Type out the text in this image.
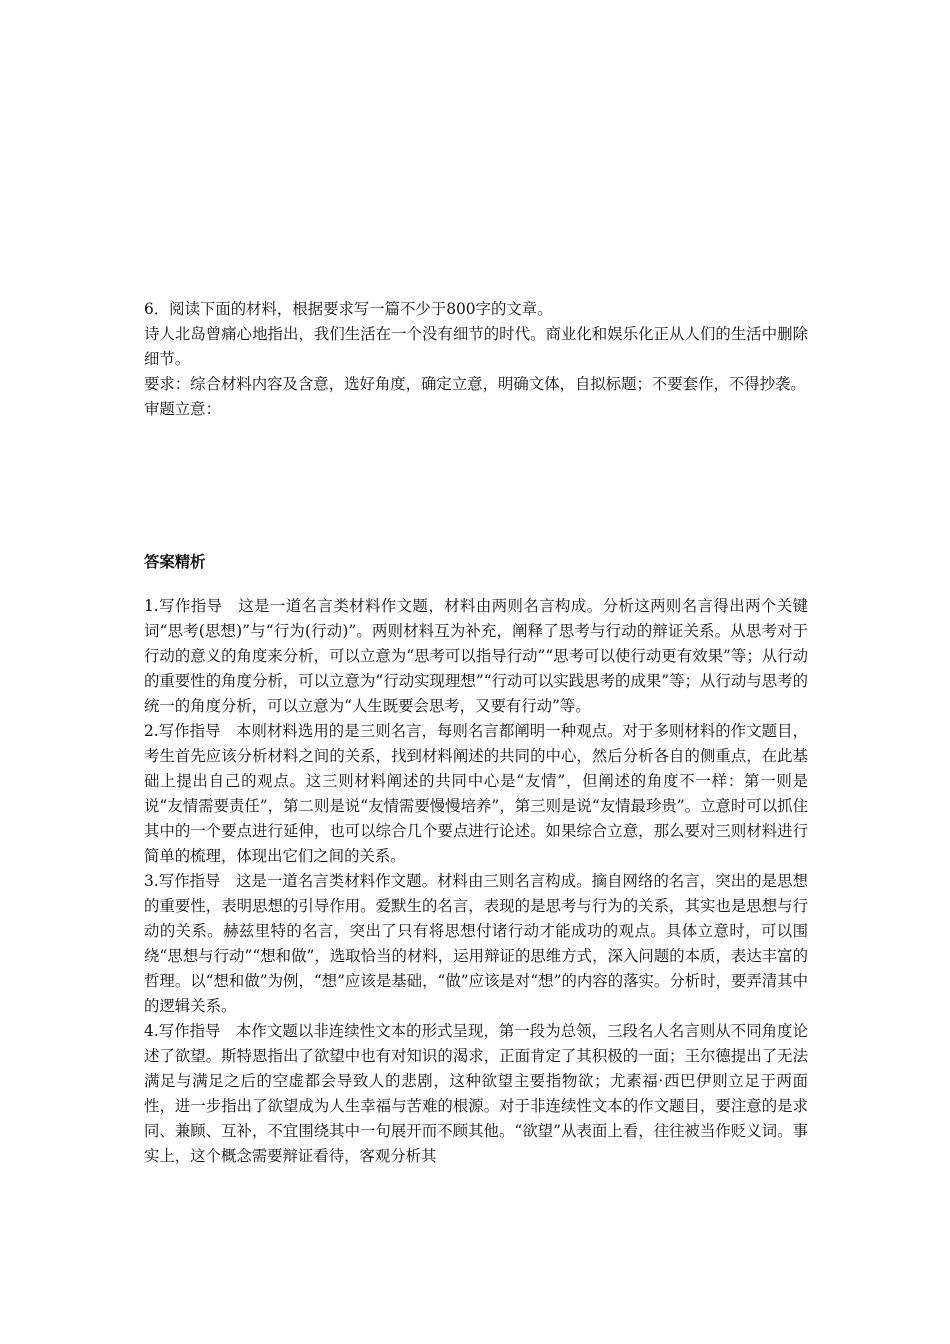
6．阅读下面的材料，根据要求写一篇不少于800字的文章。

诗人北岛曾痛心地指出，我们生活在一个没有细节的时代。商业化和娱乐化正从人们的生活中删除细节。

要求：综合材料内容及含意，选好角度，确定立意，明确文体，自拟标题；不要套作，不得抄袭。

审题立意：

答案精析

1.写作指导　这是一道名言类材料作文题，材料由两则名言构成。分析这两则名言得出两个关键词“思考(思想)”与“行为(行动)”。两则材料互为补充，阐释了思考与行动的辩证关系。从思考对于行动的意义的角度来分析，可以立意为“思考可以指导行动”“思考可以使行动更有效果”等；从行动的重要性的角度分析，可以立意为“行动实现理想”“行动可以实践思考的成果”等；从行动与思考的统一的角度分析，可以立意为“人生既要会思考，又要有行动”等。

2.写作指导　本则材料选用的是三则名言，每则名言都阐明一种观点。对于多则材料的作文题目，考生首先应该分析材料之间的关系，找到材料阐述的共同的中心，然后分析各自的侧重点，在此基础上提出自己的观点。这三则材料阐述的共同中心是“友情”，但阐述的角度不一样：第一则是说“友情需要责任”，第二则是说“友情需要慢慢培养”，第三则是说“友情最珍贵”。立意时可以抓住其中的一个要点进行延伸，也可以综合几个要点进行论述。如果综合立意，那么要对三则材料进行简单的梳理，体现出它们之间的关系。

3.写作指导　这是一道名言类材料作文题。材料由三则名言构成。摘自网络的名言，突出的是思想的重要性，表明思想的引导作用。爱默生的名言，表现的是思考与行为的关系，其实也是思想与行动的关系。赫兹里特的名言，突出了只有将思想付诸行动才能成功的观点。具体立意时，可以围绕“思想与行动”“想和做”，选取恰当的材料，运用辩证的思维方式，深入问题的本质，表达丰富的哲理。以“想和做”为例，“想”应该是基础，“做”应该是对“想”的内容的落实。分析时，要弄清其中的逻辑关系。

4.写作指导　本作文题以非连续性文本的形式呈现，第一段为总领，三段名人名言则从不同角度论述了欲望。斯特恩指出了欲望中也有对知识的渴求，正面肯定了其积极的一面；王尔德提出了无法满足与满足之后的空虚都会导致人的悲剧，这种欲望主要指物欲；尤素福·西巴伊则立足于两面性，进一步指出了欲望成为人生幸福与苦难的根源。对于非连续性文本的作文题目，要注意的是求同、兼顾、互补，不宜围绕其中一句展开而不顾其他。“欲望”从表面上看，往往被当作贬义词。事实上，这个概念需要辩证看待，客观分析其
